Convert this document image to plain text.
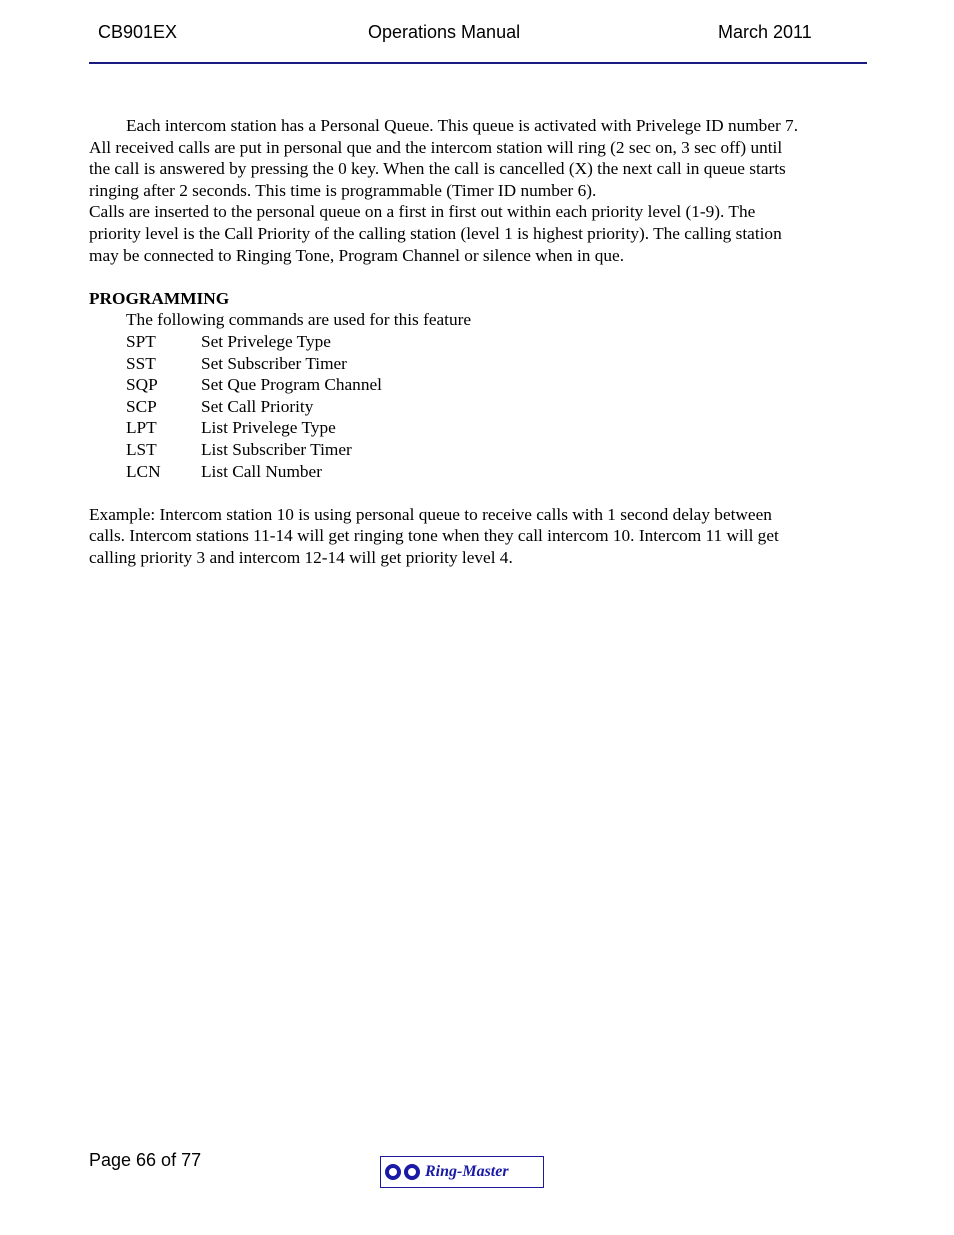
CB901EX	Operations Manual	March 2011

Each intercom station has a Personal Queue. This queue is activated with Privelege ID number 7.
All received calls are put in personal que and the intercom station will ring (2 sec on, 3 sec off) until
the call is answered by pressing the 0 key. When the call is cancelled (X) the next call in queue starts
ringing after 2 seconds. This time is programmable (Timer ID number 6).

Calls are inserted to the personal queue on a first in first out within each priority level (1-9). The
priority level is the Call Priority of the calling station (level 1 is highest priority). The calling station
may be connected to Ringing Tone, Program Channel or silence when in que.

PROGRAMMING

The following commands are used for this feature

SPT	Set Privelege Type
SST	Set Subscriber Timer
SQP	Set Que Program Channel
SCP	Set Call Priority
LPT	List Privelege Type
LST	List Subscriber Timer
LCN	List Call Number

Example: Intercom station 10 is using personal queue to receive calls with 1 second delay between
calls. Intercom stations 11-14 will get ringing tone when they call intercom 10. Intercom 11 will get
calling priority 3 and intercom 12-14 will get priority level 4.

Page 66 of 77
Ring-Master
